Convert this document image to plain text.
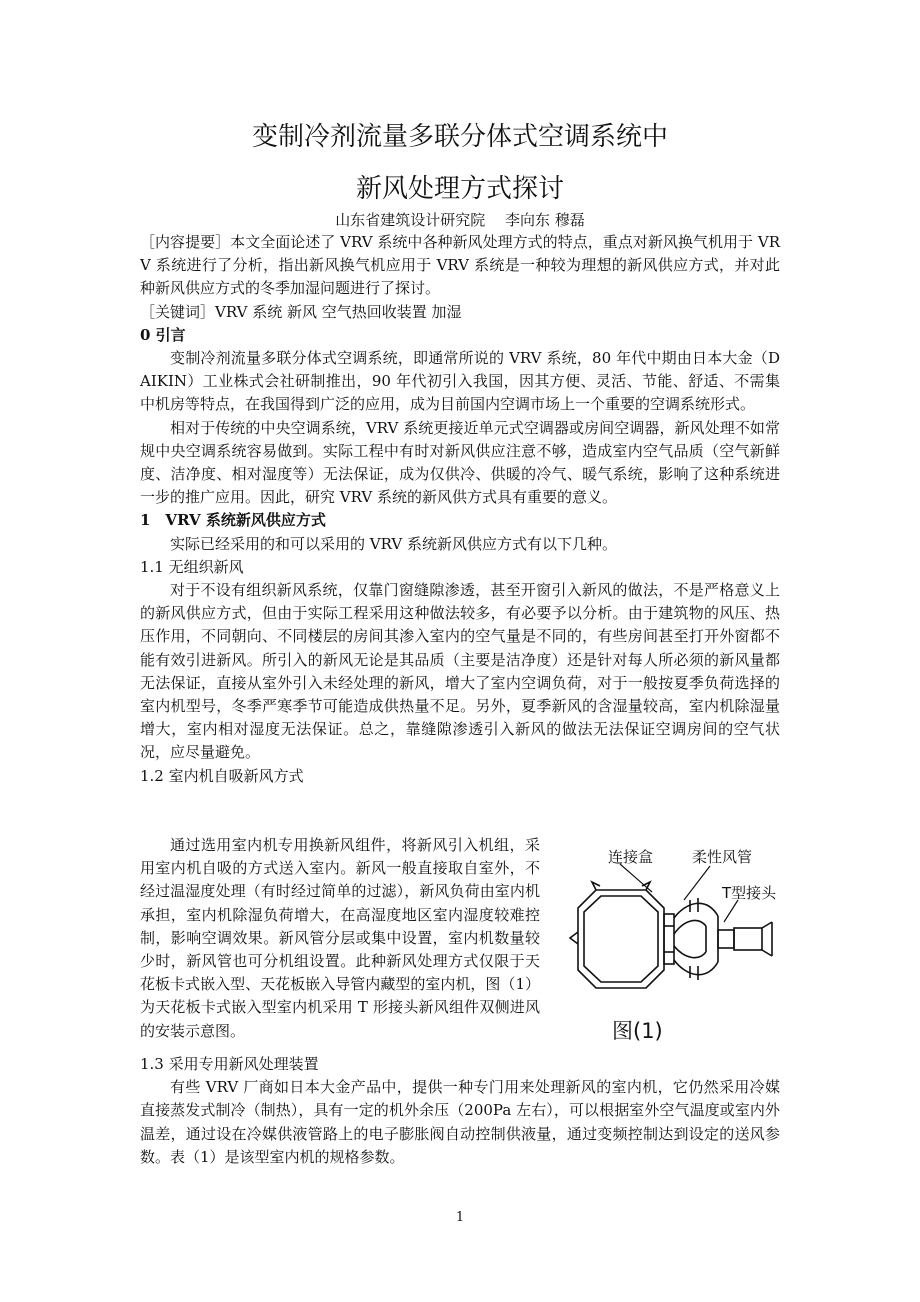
变制冷剂流量多联分体式空调系统中
新风处理方式探讨
山东省建筑设计研究院　 李向东 穆磊

［内容提要］本文全面论述了 VRV 系统中各种新风处理方式的特点，重点对新风换气机用于 VRV 系统进行了分析，指出新风换气机应用于 VRV 系统是一种较为理想的新风供应方式，并对此种新风供应方式的冬季加湿问题进行了探讨。

［关键词］VRV 系统 新风 空气热回收装置 加湿

0 引言

变制冷剂流量多联分体式空调系统，即通常所说的 VRV 系统，80 年代中期由日本大金（DAIKIN）工业株式会社研制推出，90 年代初引入我国，因其方便、灵活、节能、舒适、不需集中机房等特点，在我国得到广泛的应用，成为目前国内空调市场上一个重要的空调系统形式。

相对于传统的中央空调系统，VRV 系统更接近单元式空调器或房间空调器，新风处理不如常规中央空调系统容易做到。实际工程中有时对新风供应注意不够，造成室内空气品质（空气新鲜度、洁净度、相对湿度等）无法保证，成为仅供冷、供暖的冷气、暖气系统，影响了这种系统进一步的推广应用。因此，研究 VRV 系统的新风供方式具有重要的意义。

1　VRV 系统新风供应方式

实际已经采用的和可以采用的 VRV 系统新风供应方式有以下几种。

1.1 无组织新风

对于不设有组织新风系统，仅靠门窗缝隙渗透，甚至开窗引入新风的做法，不是严格意义上的新风供应方式，但由于实际工程采用这种做法较多，有必要予以分析。由于建筑物的风压、热压作用，不同朝向、不同楼层的房间其渗入室内的空气量是不同的，有些房间甚至打开外窗都不能有效引进新风。所引入的新风无论是其品质（主要是洁净度）还是针对每人所必须的新风量都无法保证，直接从室外引入未经处理的新风，增大了室内空调负荷，对于一般按夏季负荷选择的室内机型号，冬季严寒季节可能造成供热量不足。另外，夏季新风的含湿量较高，室内机除湿量增大，室内相对湿度无法保证。总之，靠缝隙渗透引入新风的做法无法保证空调房间的空气状况，应尽量避免。

1.2 室内机自吸新风方式

通过选用室内机专用换新风组件，将新风引入机组，采用室内机自吸的方式送入室内。新风一般直接取自室外，不经过温湿度处理（有时经过简单的过滤），新风负荷由室内机承担，室内机除湿负荷增大，在高湿度地区室内湿度较难控制，影响空调效果。新风管分层或集中设置，室内机数量较少时，新风管也可分机组设置。此种新风处理方式仅限于天花板卡式嵌入型、天花板嵌入导管内藏型的室内机，图（1）为天花板卡式嵌入型室内机采用 T 形接头新风组件双侧进风的安装示意图。

1.3 采用专用新风处理装置

有些 VRV 厂商如日本大金产品中，提供一种专门用来处理新风的室内机，它仍然采用冷媒直接蒸发式制冷（制热），具有一定的机外余压（200Pa 左右），可以根据室外空气温度或室内外温差，通过设在冷媒供液管路上的电子膨胀阀自动控制供液量，通过变频控制达到设定的送风参数。表（1）是该型室内机的规格参数。

连接盒	柔性风管
T型接头
图(1)
1
